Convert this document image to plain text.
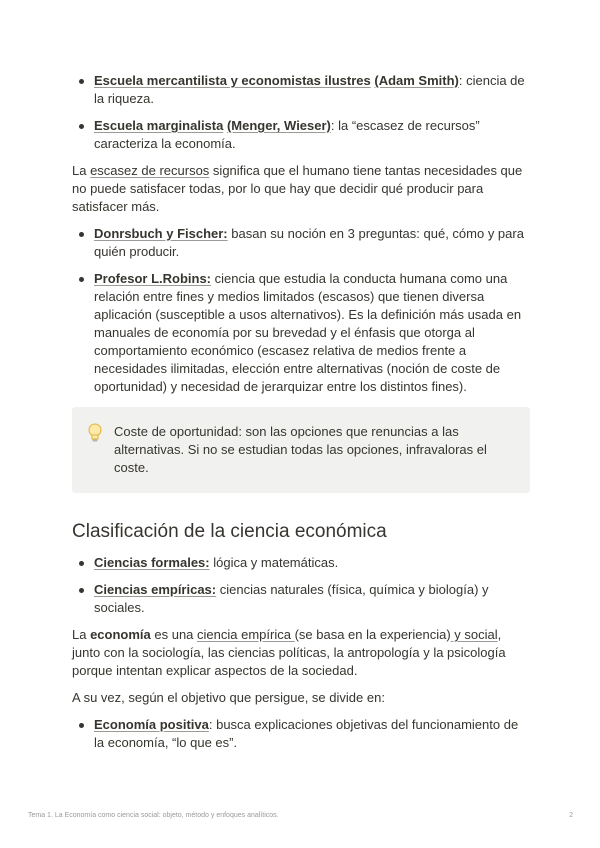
Escuela mercantilista y economistas ilustres (Adam Smith): ciencia de la riqueza.
Escuela marginalista (Menger, Wieser): la “escasez de recursos” caracteriza la economía.

La escasez de recursos significa que el humano tiene tantas necesidades que no puede satisfacer todas, por lo que hay que decidir qué producir para satisfacer más.

Donrsbuch y Fischer: basan su noción en 3 preguntas: qué, cómo y para quién producir.
Profesor L.Robins: ciencia que estudia la conducta humana como una relación entre fines y medios limitados (escasos) que tienen diversa aplicación (susceptible a usos alternativos). Es la definición más usada en manuales de economía por su brevedad y el énfasis que otorga al comportamiento económico (escasez relativa de medios frente a necesidades ilimitadas, elección entre alternativas (noción de coste de oportunidad) y necesidad de jerarquizar entre los distintos fines).
Coste de oportunidad: son las opciones que renuncias a las alternativas. Si no se estudian todas las opciones, infravaloras el coste.
Clasificación de la ciencia económica
Ciencias formales: lógica y matemáticas.
Ciencias empíricas: ciencias naturales (física, química y biología) y sociales.

La economía es una ciencia empírica (se basa en la experiencia) y social, junto con la sociología, las ciencias políticas, la antropología y la psicología porque intentan explicar aspectos de la sociedad.

A su vez, según el objetivo que persigue, se divide en:

Economía positiva: busca explicaciones objetivas del funcionamiento de la economía, “lo que es”.
Tema 1. La Economía como ciencia social: objeto, método y enfoques analíticos.	2
